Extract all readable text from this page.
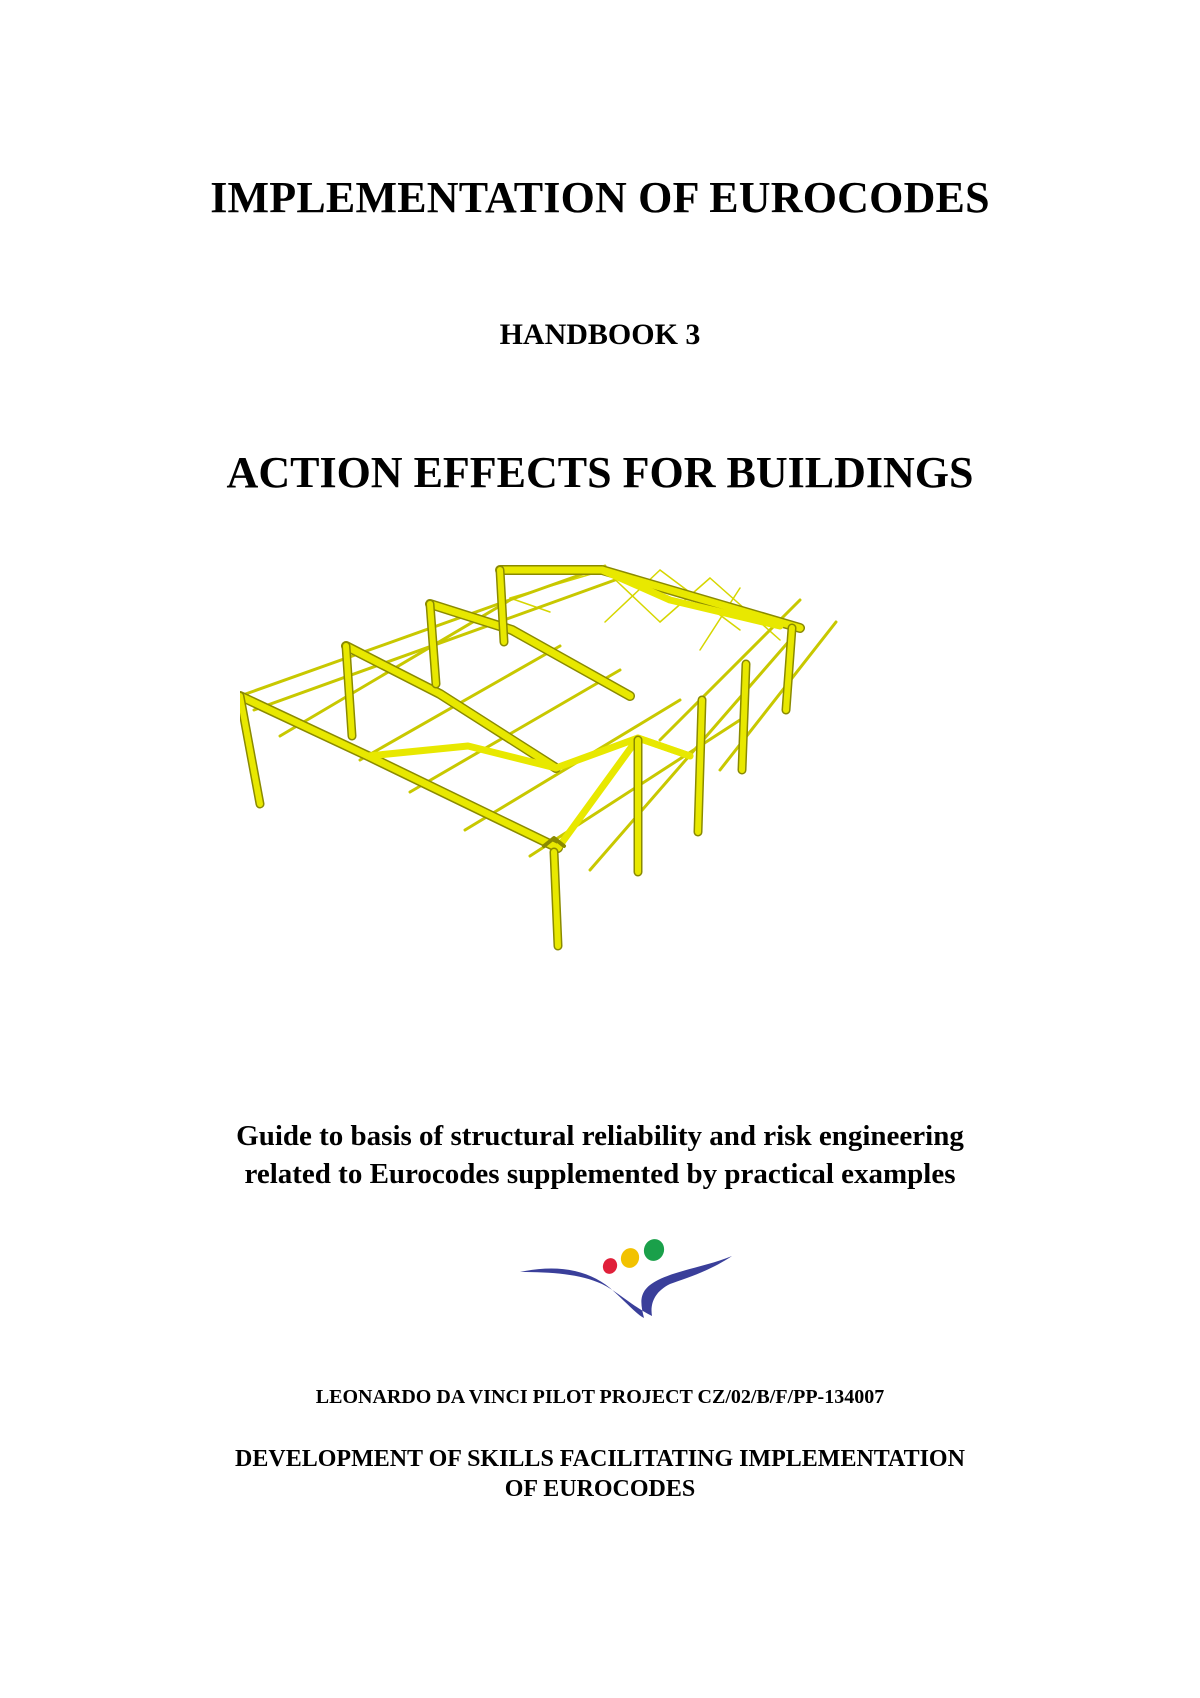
IMPLEMENTATION OF EUROCODES
HANDBOOK 3
ACTION EFFECTS FOR BUILDINGS
Guide to basis of structural reliability and risk engineering
related to Eurocodes supplemented by practical examples
LEONARDO DA VINCI PILOT PROJECT CZ/02/B/F/PP-134007
DEVELOPMENT OF SKILLS FACILITATING IMPLEMENTATION
OF EUROCODES
